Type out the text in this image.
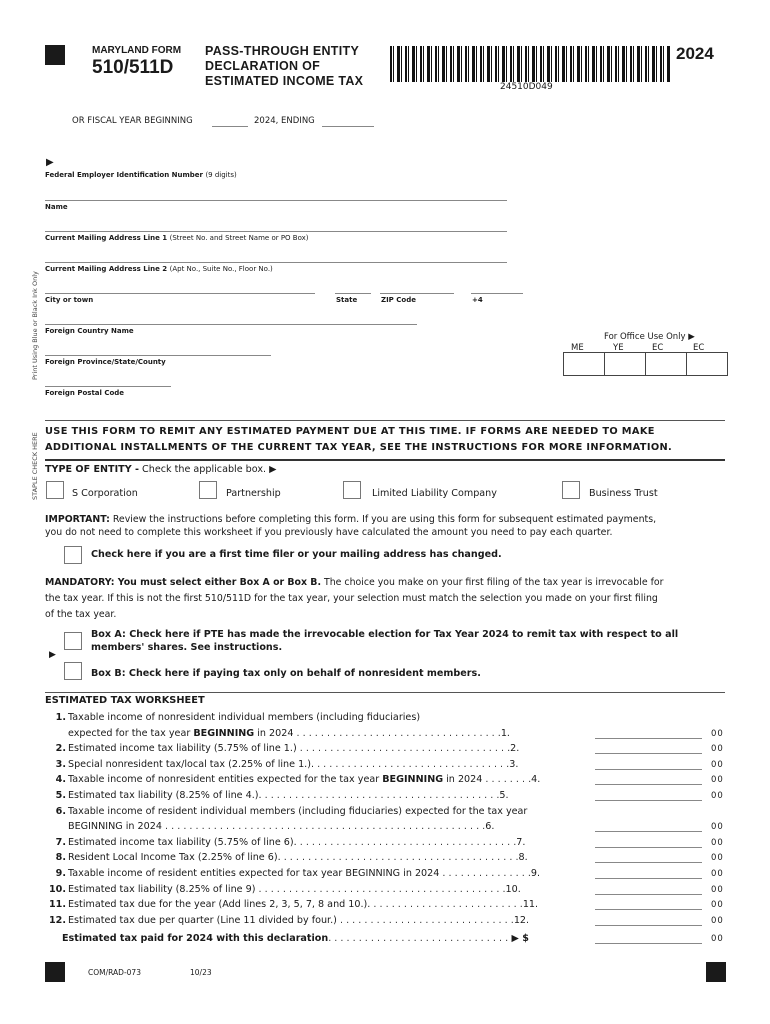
MARYLAND FORM
510/511D
PASS-THROUGH ENTITY
DECLARATION OF
ESTIMATED INCOME TAX	24510D049
2024
OR FISCAL YEAR BEGINNING	2024, ENDING
Print Using Blue or Black Ink Only
STAPLE CHECK HERE
▶
Federal Employer Identification Number (9 digits)
Name
Current Mailing Address Line 1 (Street No. and Street Name or PO Box)
Current Mailing Address Line 2 (Apt No., Suite No., Floor No.)
City or town	State	ZIP Code	+4
Foreign Country Name
Foreign Province/State/County
Foreign Postal Code
For Office Use Only ▶
ME	YE	EC	EC
USE THIS FORM TO REMIT ANY ESTIMATED PAYMENT DUE AT THIS TIME. IF FORMS ARE NEEDED TO MAKE
ADDITIONAL INSTALLMENTS OF THE CURRENT TAX YEAR, SEE THE INSTRUCTIONS FOR MORE INFORMATION.
TYPE OF ENTITY - Check the applicable box. ▶
S Corporation	Partnership	Limited Liability Company	Business Trust
IMPORTANT: Review the instructions before completing this form. If you are using this form for subsequent estimated payments,
you do not need to complete this worksheet if you previously have calculated the amount you need to pay each quarter.
Check here if you are a first time filer or your mailing address has changed.
MANDATORY: You must select either Box A or Box B. The choice you make on your first filing of the tax year is irrevocable for
the tax year. If this is not the first 510/511D for the tax year, your selection must match the selection you made on your first filing
of the tax year.
Box A: Check here if PTE has made the irrevocable election for Tax Year 2024 to remit tax with respect to all
members' shares. See instructions.
▶
Box B: Check here if paying tax only on behalf of nonresident members.
ESTIMATED TAX WORKSHEET
1. Taxable income of nonresident individual members (including fiduciaries)
expected for the tax year BEGINNING in 2024 . . . . . . . . . . . . . . . . . . . . . . . . . . . . . . . . . .1.	00
2. Estimated income tax liability (5.75% of line 1.) . . . . . . . . . . . . . . . . . . . . . . . . . . . . . . . . . . .2.	00
3. Special nonresident tax/local tax (2.25% of line 1.). . . . . . . . . . . . . . . . . . . . . . . . . . . . . . . . .3.	00
4. Taxable income of nonresident entities expected for the tax year BEGINNING in 2024 . . . . . . . .4.	00
5. Estimated tax liability (8.25% of line 4.). . . . . . . . . . . . . . . . . . . . . . . . . . . . . . . . . . . . . . . .5.	00
6. Taxable income of resident individual members (including fiduciaries) expected for the tax year
BEGINNING in 2024 . . . . . . . . . . . . . . . . . . . . . . . . . . . . . . . . . . . . . . . . . . . . . . . . . . . . .6.	00
7. Estimated income tax liability (5.75% of line 6). . . . . . . . . . . . . . . . . . . . . . . . . . . . . . . . . . . . .7.	00
8. Resident Local Income Tax (2.25% of line 6). . . . . . . . . . . . . . . . . . . . . . . . . . . . . . . . . . . . . . . .8.	00
9. Taxable income of resident entities expected for tax year BEGINNING in 2024 . . . . . . . . . . . . . . .9.	00
10. Estimated tax liability (8.25% of line 9) . . . . . . . . . . . . . . . . . . . . . . . . . . . . . . . . . . . . . . . . .10.	00
11. Estimated tax due for the year (Add lines 2, 3, 5, 7, 8 and 10.). . . . . . . . . . . . . . . . . . . . . . . . . .11.	00
12. Estimated tax due per quarter (Line 11 divided by four.) . . . . . . . . . . . . . . . . . . . . . . . . . . . . .12.	00
Estimated tax paid for 2024 with this declaration. . . . . . . . . . . . . . . . . . . . . . . . . . . . . . ▶ $	00
COM/RAD-073	10/23
